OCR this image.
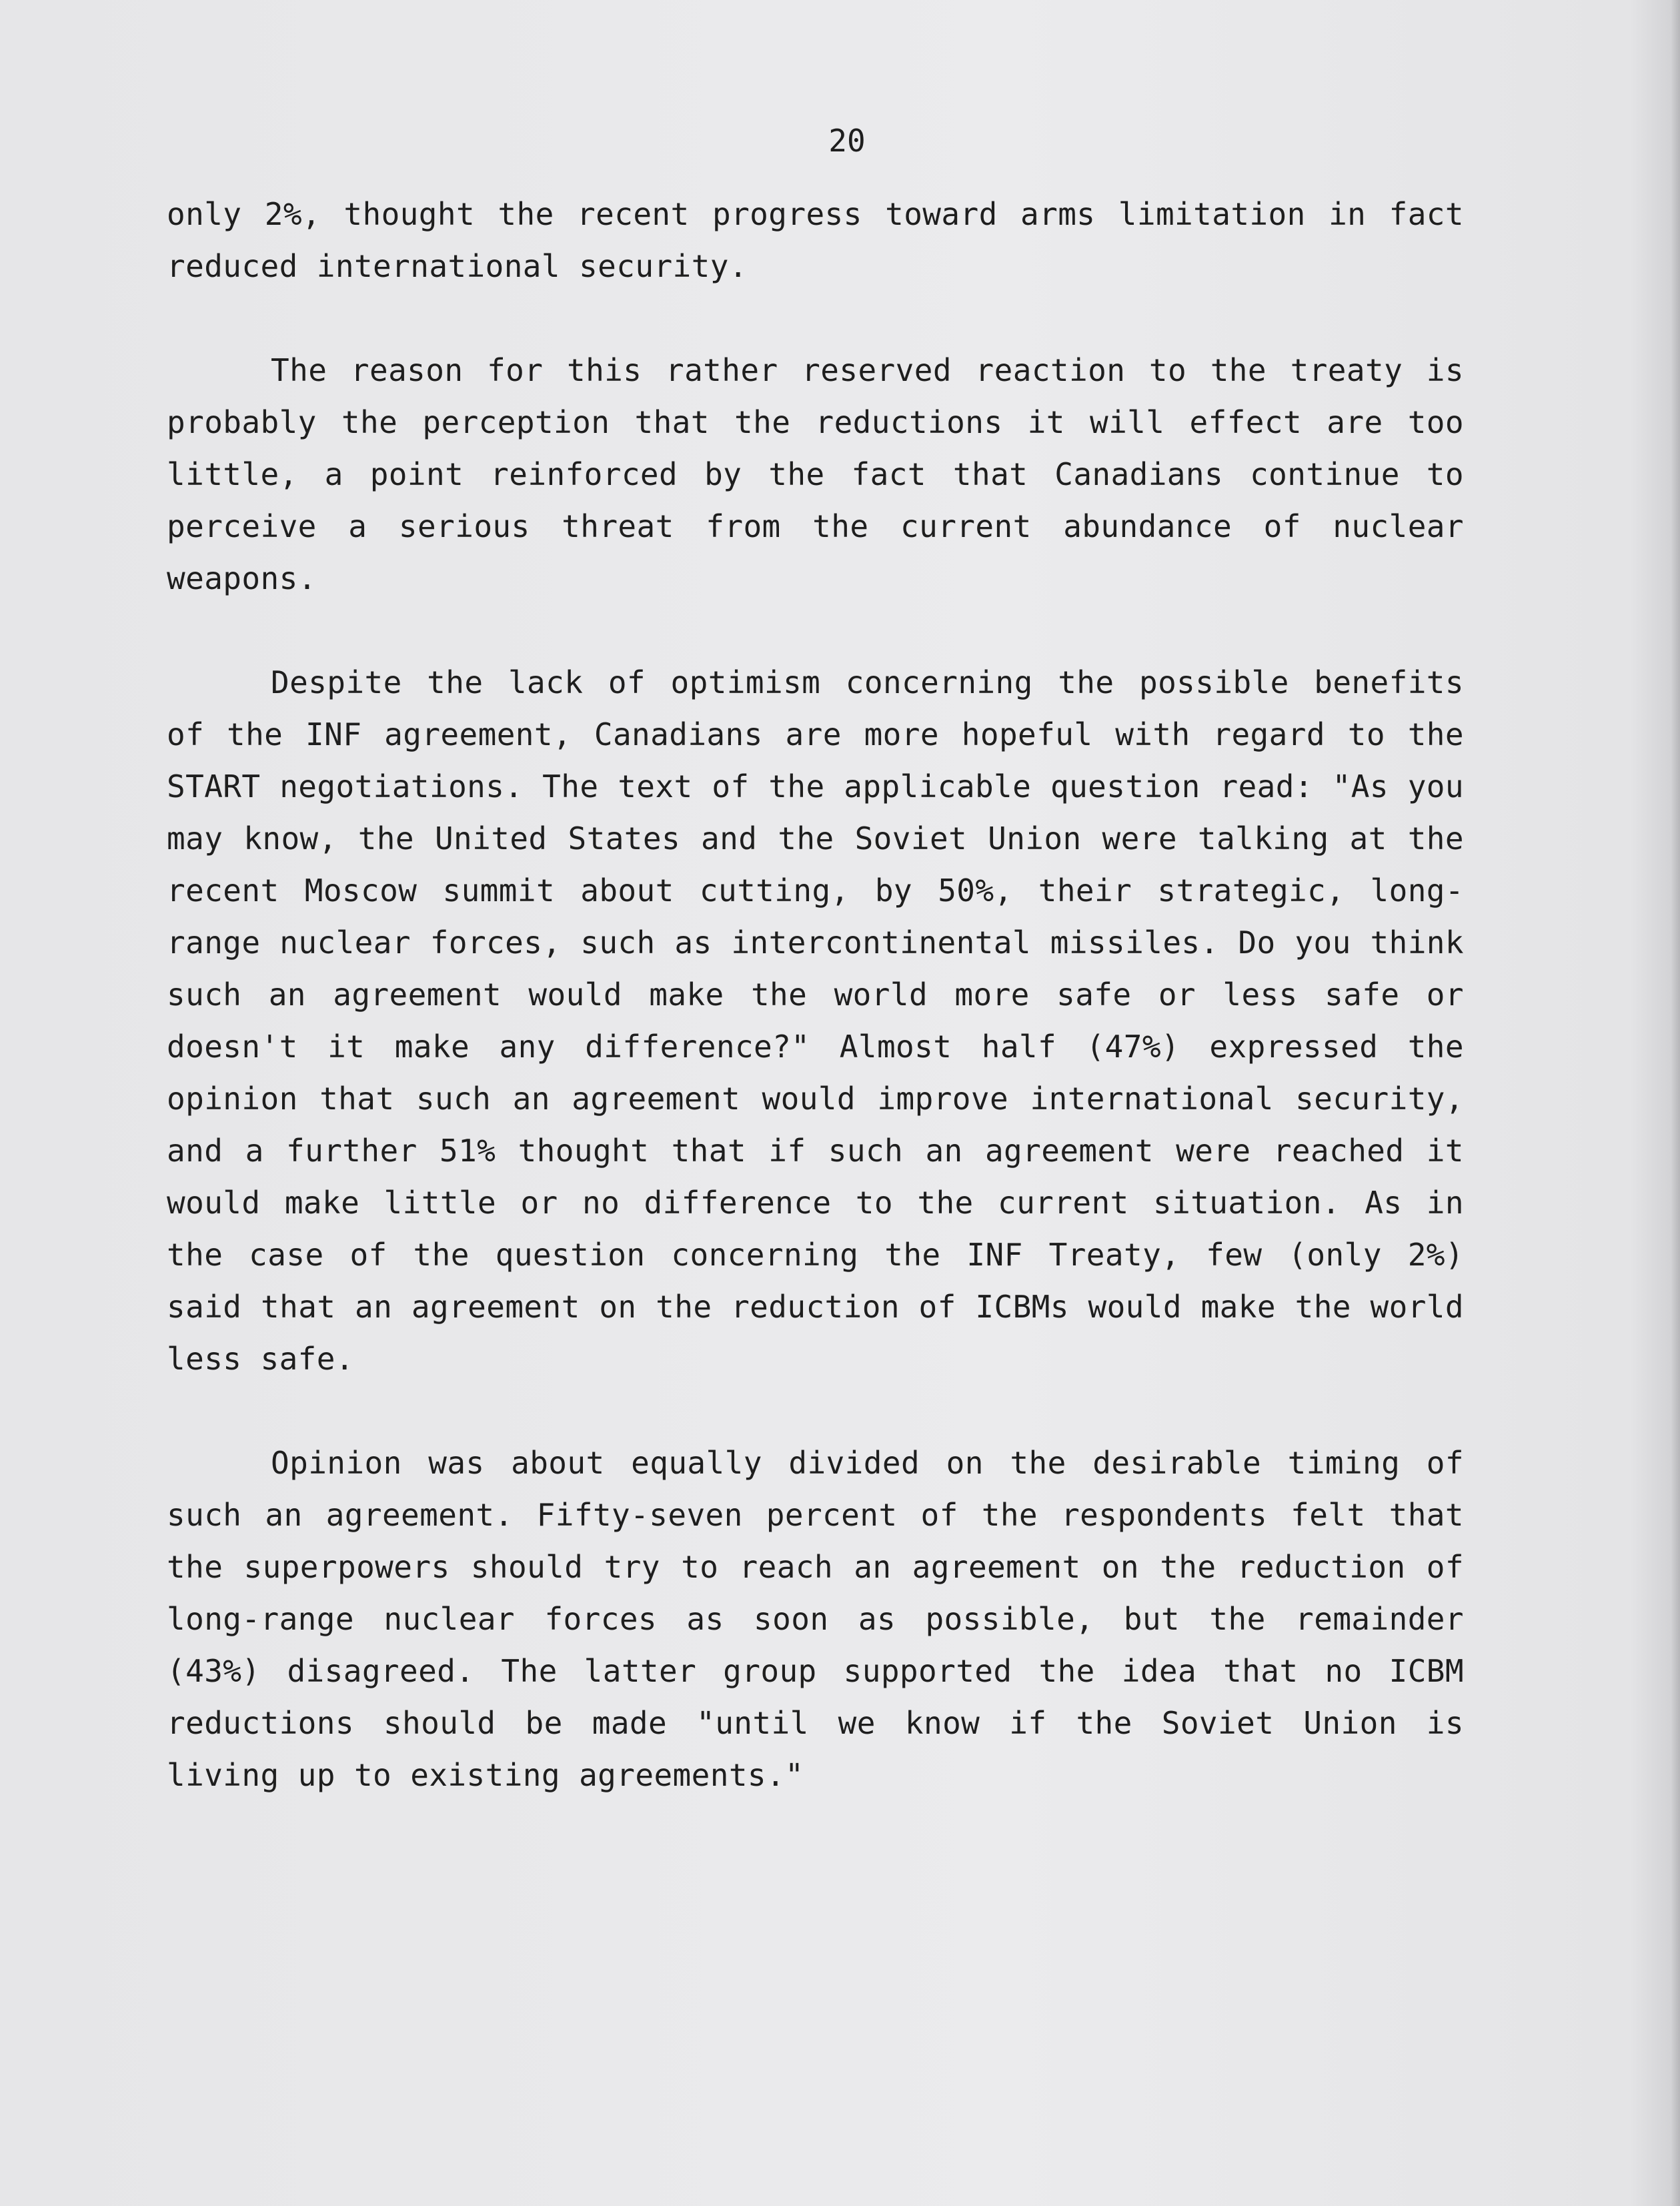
20

only 2%, thought the recent progress toward arms limitation in fact reduced international security.

The reason for this rather reserved reaction to the treaty is probably the perception that the reductions it will effect are too little, a point reinforced by the fact that Canadians continue to perceive a serious threat from the current abundance of nuclear weapons.

Despite the lack of optimism concerning the possible benefits of the INF agreement, Canadians are more hopeful with regard to the START negotiations. The text of the applicable question read: "As you may know, the United States and the Soviet Union were talking at the recent Moscow summit about cutting, by 50%, their strategic, long-range nuclear forces, such as intercontinental missiles. Do you think such an agreement would make the world more safe or less safe or doesn't it make any difference?" Almost half (47%) expressed the opinion that such an agreement would improve international security, and a further 51% thought that if such an agreement were reached it would make little or no difference to the current situation. As in the case of the question concerning the INF Treaty, few (only 2%) said that an agreement on the reduction of ICBMs would make the world less safe.

Opinion was about equally divided on the desirable timing of such an agreement. Fifty-seven percent of the respondents felt that the superpowers should try to reach an agreement on the reduction of long-range nuclear forces as soon as possible, but the remainder (43%) disagreed. The latter group supported the idea that no ICBM reductions should be made "until we know if the Soviet Union is living up to existing agreements."
